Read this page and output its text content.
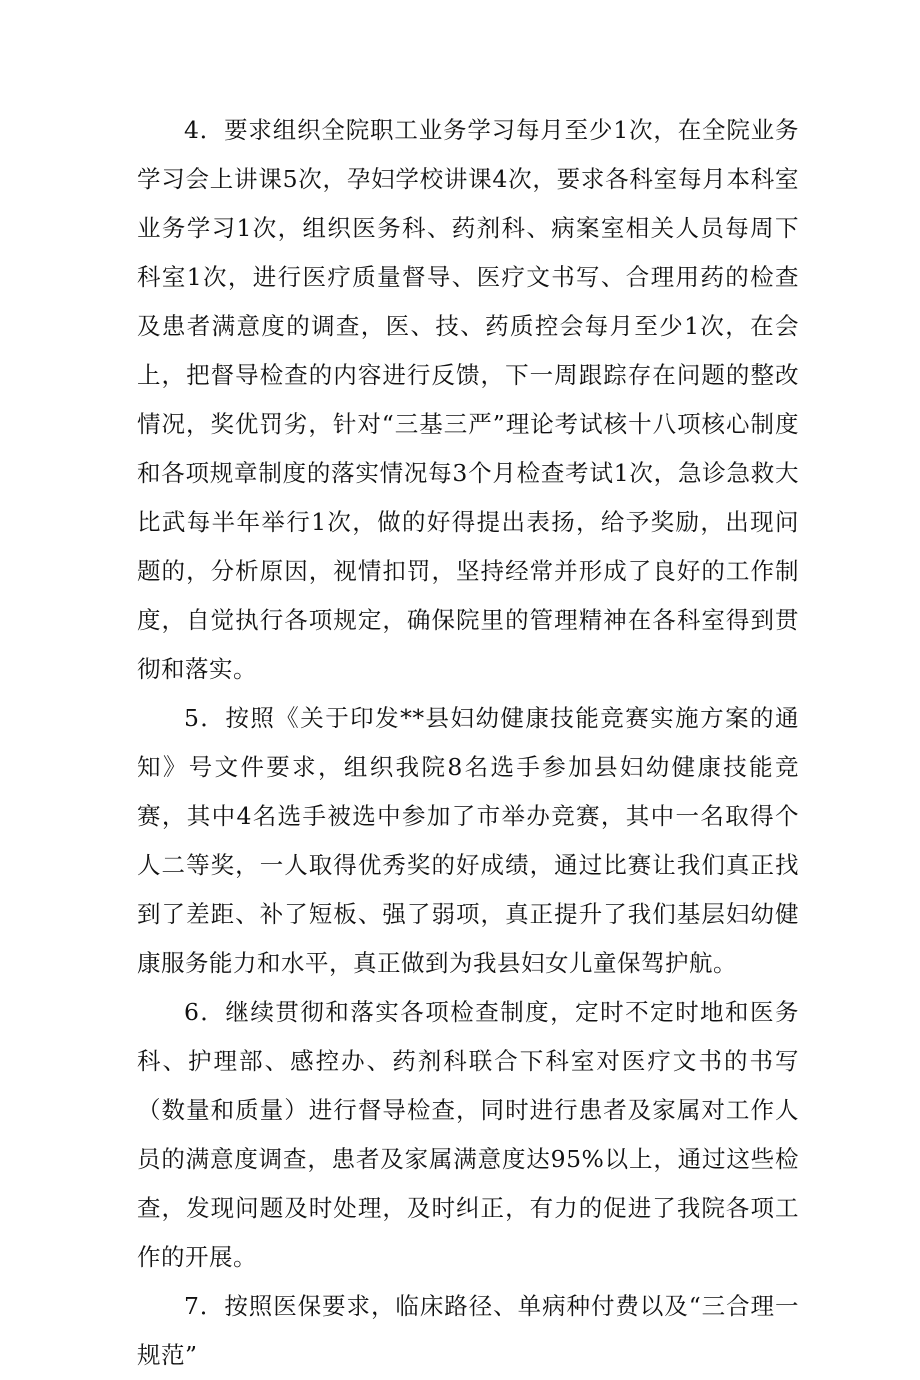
4．要求组织全院职工业务学习每月至少1次，在全院业务学习会上讲课5次，孕妇学校讲课4次，要求各科室每月本科室业务学习1次，组织医务科、药剂科、病案室相关人员每周下科室1次，进行医疗质量督导、医疗文书写、合理用药的检查及患者满意度的调查，医、技、药质控会每月至少1次，在会上，把督导检查的内容进行反馈，下一周跟踪存在问题的整改情况，奖优罚劣，针对“三基三严”理论考试核十八项核心制度和各项规章制度的落实情况每3个月检查考试1次，急诊急救大比武每半年举行1次，做的好得提出表扬，给予奖励，出现问题的，分析原因，视情扣罚，坚持经常并形成了良好的工作制度，自觉执行各项规定，确保院里的管理精神在各科室得到贯彻和落实。

5．按照《关于印发**县妇幼健康技能竞赛实施方案的通知》号文件要求，组织我院8名选手参加县妇幼健康技能竞赛，其中4名选手被选中参加了市举办竞赛，其中一名取得个人二等奖，一人取得优秀奖的好成绩，通过比赛让我们真正找到了差距、补了短板、强了弱项，真正提升了我们基层妇幼健康服务能力和水平，真正做到为我县妇女儿童保驾护航。

6．继续贯彻和落实各项检查制度，定时不定时地和医务科、护理部、感控办、药剂科联合下科室对医疗文书的书写（数量和质量）进行督导检查，同时进行患者及家属对工作人员的满意度调查，患者及家属满意度达95%以上，通过这些检查，发现问题及时处理，及时纠正，有力的促进了我院各项工作的开展。

7．按照医保要求，临床路径、单病种付费以及“三合理一规范”
